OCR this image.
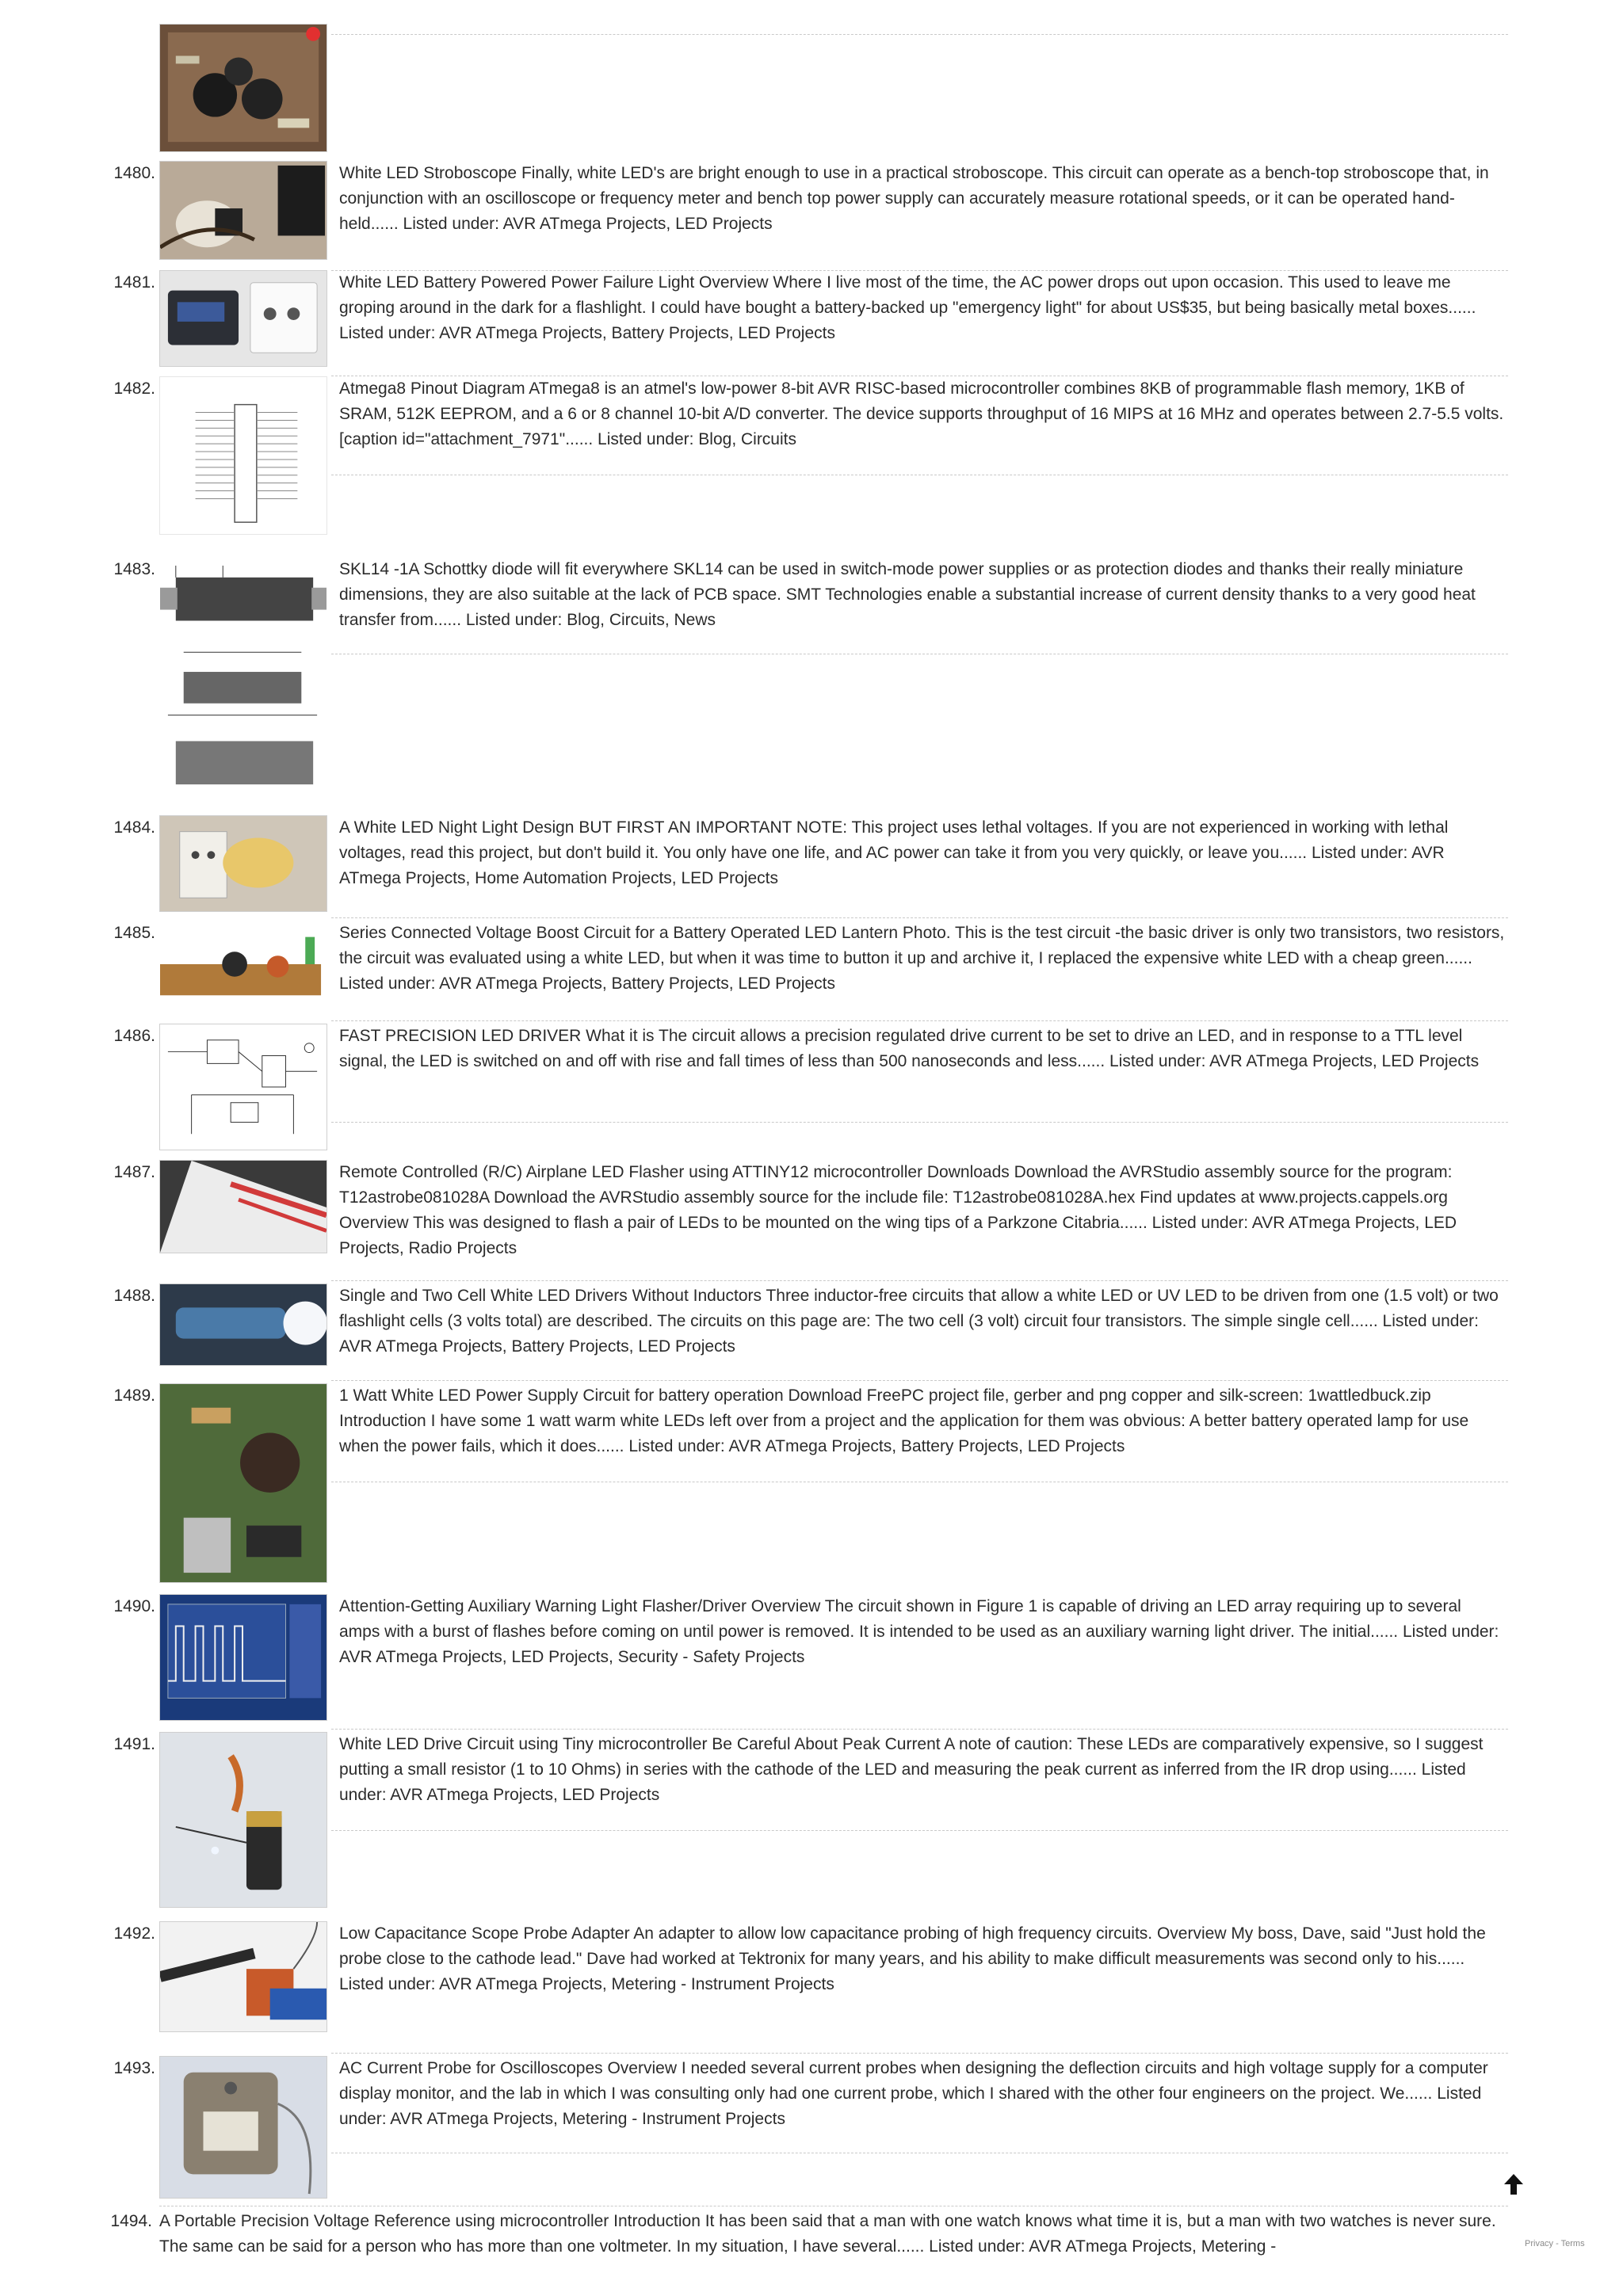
1480.	White LED Stroboscope Finally, white LED's are bright enough to use in a practical stroboscope. This circuit can operate as a bench-top stroboscope that, in conjunction with an oscilloscope or frequency meter and bench top power supply can accurately measure rotational speeds, or it can be operated hand-held...... Listed under: AVR ATmega Projects, LED Projects
1481.	White LED Battery Powered Power Failure Light Overview Where I live most of the time, the AC power drops out upon occasion. This used to leave me groping around in the dark for a flashlight. I could have bought a battery-backed up "emergency light" for about US$35, but being basically metal boxes...... Listed under: AVR ATmega Projects, Battery Projects, LED Projects
1482.	Atmega8 Pinout Diagram ATmega8 is an atmel's low-power 8-bit AVR RISC-based microcontroller combines 8KB of programmable flash memory, 1KB of SRAM, 512K EEPROM, and a 6 or 8 channel 10-bit A/D converter. The device supports throughput of 16 MIPS at 16 MHz and operates between 2.7-5.5 volts. [caption id="attachment_7971"...... Listed under: Blog, Circuits
1483.	SKL14 -1A Schottky diode will fit everywhere SKL14 can be used in switch-mode power supplies or as protection diodes and thanks their really miniature dimensions, they are also suitable at the lack of PCB space. SMT Technologies enable a substantial increase of current density thanks to a very good heat transfer from...... Listed under: Blog, Circuits, News
1484.	A White LED Night Light Design BUT FIRST AN IMPORTANT NOTE: This project uses lethal voltages. If you are not experienced in working with lethal voltages, read this project, but don't build it. You only have one life, and AC power can take it from you very quickly, or leave you...... Listed under: AVR ATmega Projects, Home Automation Projects, LED Projects
1485.	Series Connected Voltage Boost Circuit for a Battery Operated LED Lantern Photo. This is the test circuit -the basic driver is only two transistors, two resistors, the circuit was evaluated using a white LED, but when it was time to button it up and archive it, I replaced the expensive white LED with a cheap green...... Listed under: AVR ATmega Projects, Battery Projects, LED Projects
1486.	FAST PRECISION LED DRIVER What it is The circuit allows a precision regulated drive current to be set to drive an LED, and in response to a TTL level signal, the LED is switched on and off with rise and fall times of less than 500 nanoseconds and less...... Listed under: AVR ATmega Projects, LED Projects
1487.	Remote Controlled (R/C) Airplane LED Flasher using ATTINY12 microcontroller Downloads Download the AVRStudio assembly source for the program: T12astrobe081028A Download the AVRStudio assembly source for the include file: T12astrobe081028A.hex Find updates at www.projects.cappels.org Overview This was designed to flash a pair of LEDs to be mounted on the wing tips of a Parkzone Citabria...... Listed under: AVR ATmega Projects, LED Projects, Radio Projects
1488.	Single and Two Cell White LED Drivers Without Inductors Three inductor-free circuits that allow a white LED or UV LED to be driven from one (1.5 volt) or two flashlight cells (3 volts total) are described. The circuits on this page are: The two cell (3 volt) circuit four transistors. The simple single cell...... Listed under: AVR ATmega Projects, Battery Projects, LED Projects
1489.	1 Watt White LED Power Supply Circuit for battery operation Download FreePC project file, gerber and png copper and silk-screen: 1wattledbuck.zip Introduction I have some 1 watt warm white LEDs left over from a project and the application for them was obvious: A better battery operated lamp for use when the power fails, which it does...... Listed under: AVR ATmega Projects, Battery Projects, LED Projects
1490.	Attention-Getting Auxiliary Warning Light Flasher/Driver Overview The circuit shown in Figure 1 is capable of driving an LED array requiring up to several amps with a burst of flashes before coming on until power is removed. It is intended to be used as an auxiliary warning light driver. The initial...... Listed under: AVR ATmega Projects, LED Projects, Security - Safety Projects
1491.	White LED Drive Circuit using Tiny microcontroller Be Careful About Peak Current A note of caution: These LEDs are comparatively expensive, so I suggest putting a small resistor (1 to 10 Ohms) in series with the cathode of the LED and measuring the peak current as inferred from the IR drop using...... Listed under: AVR ATmega Projects, LED Projects
1492.	Low Capacitance Scope Probe Adapter An adapter to allow low capacitance probing of high frequency circuits. Overview My boss, Dave, said "Just hold the probe close to the cathode lead." Dave had worked at Tektronix for many years, and his ability to make difficult measurements was second only to his...... Listed under: AVR ATmega Projects, Metering - Instrument Projects
1493.	AC Current Probe for Oscilloscopes Overview I needed several current probes when designing the deflection circuits and high voltage supply for a computer display monitor, and the lab in which I was consulting only had one current probe, which I shared with the other four engineers on the project. We...... Listed under: AVR ATmega Projects, Metering - Instrument Projects
1494. A Portable Precision Voltage Reference using microcontroller Introduction It has been said that a man with one watch knows what time it is, but a man with two watches is never sure. The same can be said for a person who has more than one voltmeter. In my situation, I have several...... Listed under: AVR ATmega Projects, Metering -	Privacy - Terms
